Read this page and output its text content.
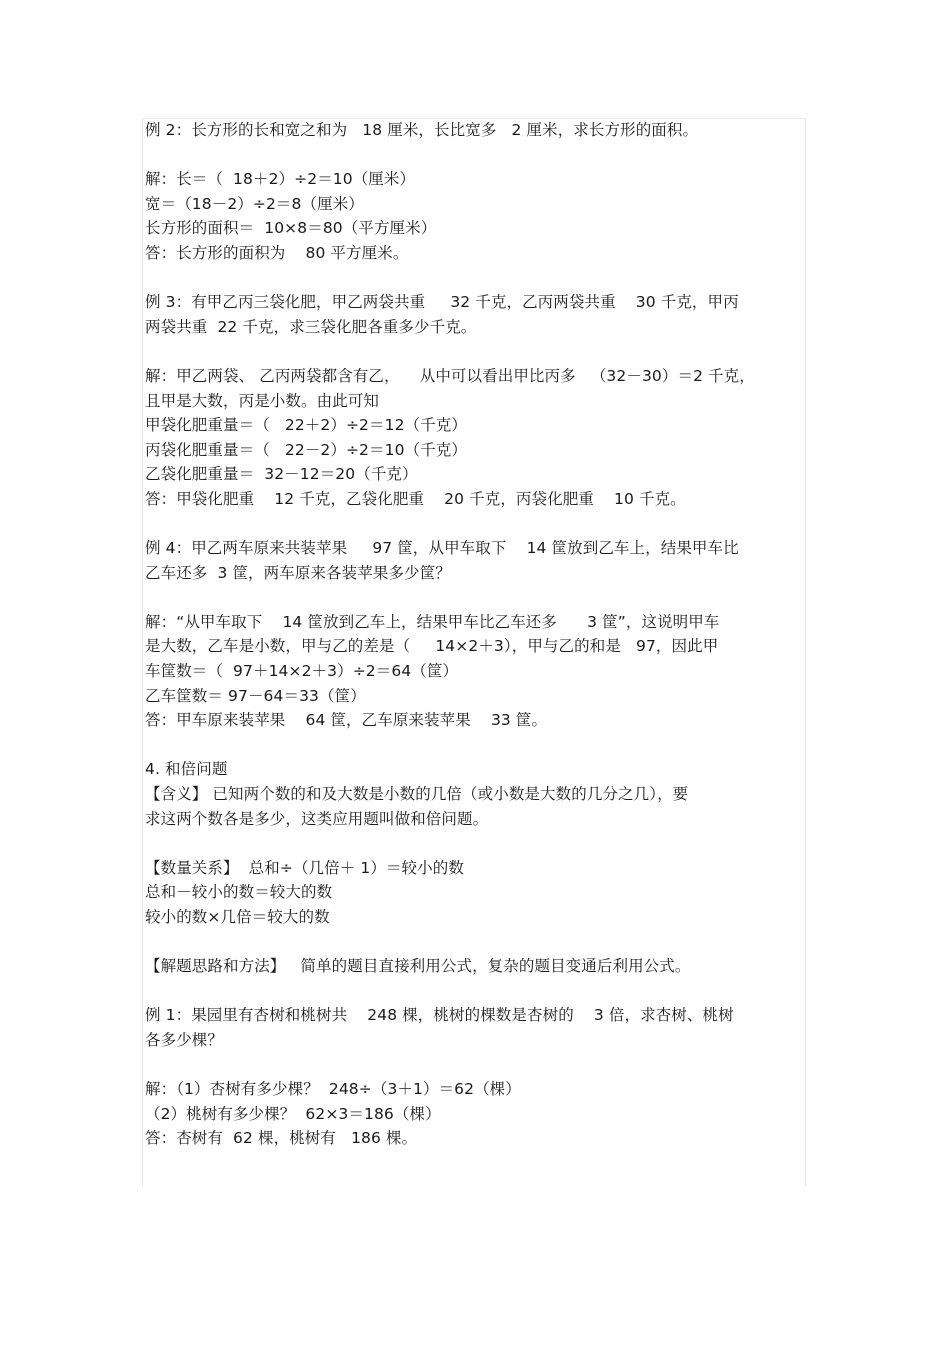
例 2：长方形的长和宽之和为   18 厘米，长比宽多   2 厘米，求长方形的面积。
解：长＝（  18＋2）÷2＝10（厘米）
宽＝（18－2）÷2＝8（厘米）
长方形的面积＝  10×8＝80（平方厘米）
答：长方形的面积为    80 平方厘米。
例 3：有甲乙丙三袋化肥，甲乙两袋共重     32 千克，乙丙两袋共重    30 千克，甲丙
两袋共重  22 千克，求三袋化肥各重多少千克。
解：甲乙两袋、 乙丙两袋都含有乙，    从中可以看出甲比丙多   （32－30）＝2 千克，
且甲是大数，丙是小数。由此可知
甲袋化肥重量＝（   22＋2）÷2＝12（千克）
丙袋化肥重量＝（   22－2）÷2＝10（千克）
乙袋化肥重量＝  32－12＝20（千克）
答：甲袋化肥重    12 千克，乙袋化肥重    20 千克，丙袋化肥重    10 千克。
例 4：甲乙两车原来共装苹果     97 筐，从甲车取下    14 筐放到乙车上，结果甲车比
乙车还多  3 筐，两车原来各装苹果多少筐？
解：“从甲车取下    14 筐放到乙车上，结果甲车比乙车还多      3 筐”，这说明甲车
是大数，乙车是小数，甲与乙的差是（     14×2＋3），甲与乙的和是   97，因此甲
车筐数＝（  97＋14×2＋3）÷2＝64（筐）
乙车筐数＝ 97－64＝33（筐）
答：甲车原来装苹果    64 筐，乙车原来装苹果    33 筐。
4. 和倍问题
【含义】 已知两个数的和及大数是小数的几倍（或小数是大数的几分之几），要
求这两个数各是多少，这类应用题叫做和倍问题。
【数量关系】  总和÷（几倍＋ 1）＝较小的数
总和－较小的数＝较大的数
较小的数×几倍＝较大的数
【解题思路和方法】   简单的题目直接利用公式，复杂的题目变通后利用公式。
例 1：果园里有杏树和桃树共    248 棵，桃树的棵数是杏树的    3 倍，求杏树、桃树
各多少棵？
解：（1）杏树有多少棵？  248÷（3＋1）＝62（棵）
（2）桃树有多少棵？  62×3＝186（棵）
答：杏树有  62 棵，桃树有   186 棵。
